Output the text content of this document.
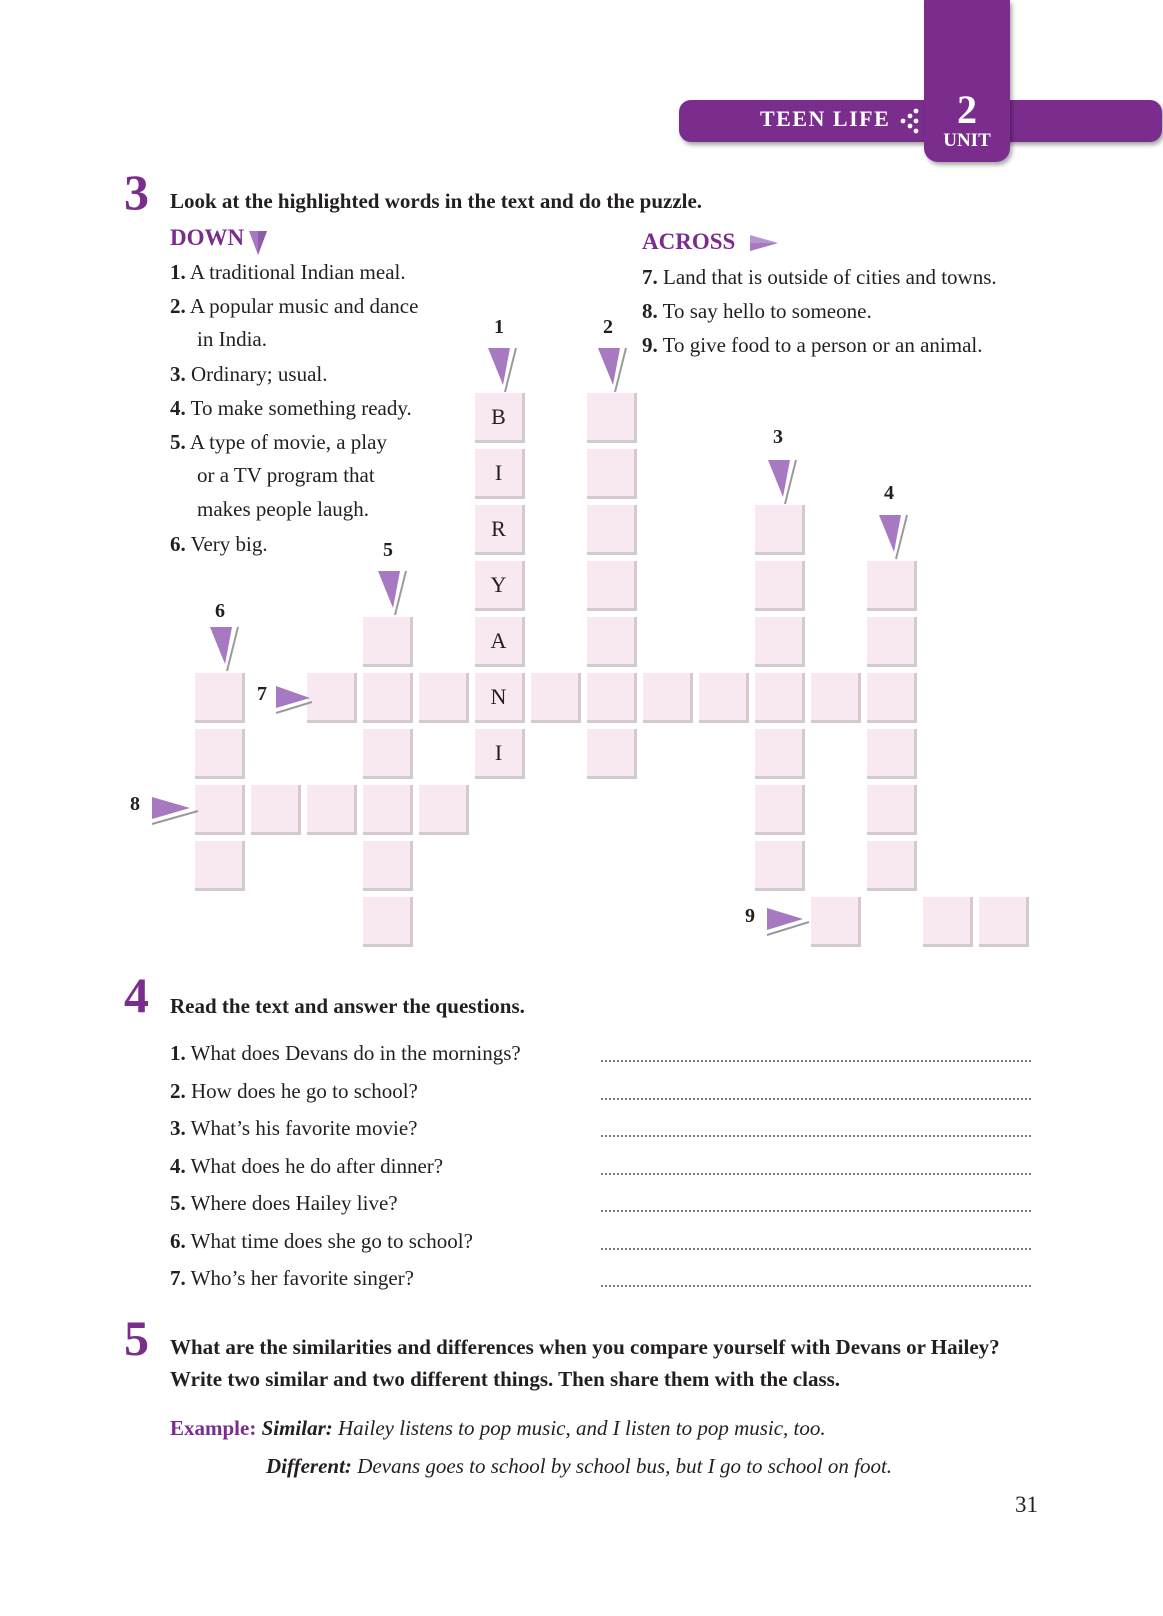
TEEN LIFE	2
UNIT
3 Look at the highlighted words in the text and do the puzzle.
DOWN	ACROSS
1. A traditional Indian meal.
2. A popular music and dance
in India.
3. Ordinary; usual.
4. To make something ready.
5. A type of movie, a play
or a TV program that
makes people laugh.
6. Very big.
7. Land that is outside of cities and towns.
8. To say hello to someone.
9. To give food to a person or an animal.
B
I
R
Y
A
N
I
1	2
3
4
5
6
7
8
9
4 Read the text and answer the questions.
1. What does Devans do in the mornings?
2. How does he go to school?
3. What’s his favorite movie?
4. What does he do after dinner?
5. Where does Hailey live?
6. What time does she go to school?
7. Who’s her favorite singer?
5 What are the similarities and differences when you compare yourself with Devans or Hailey?
Write two similar and two different things. Then share them with the class.
Example: Similar: Hailey listens to pop music, and I listen to pop music, too.
Different: Devans goes to school by school bus, but I go to school on foot.
31
